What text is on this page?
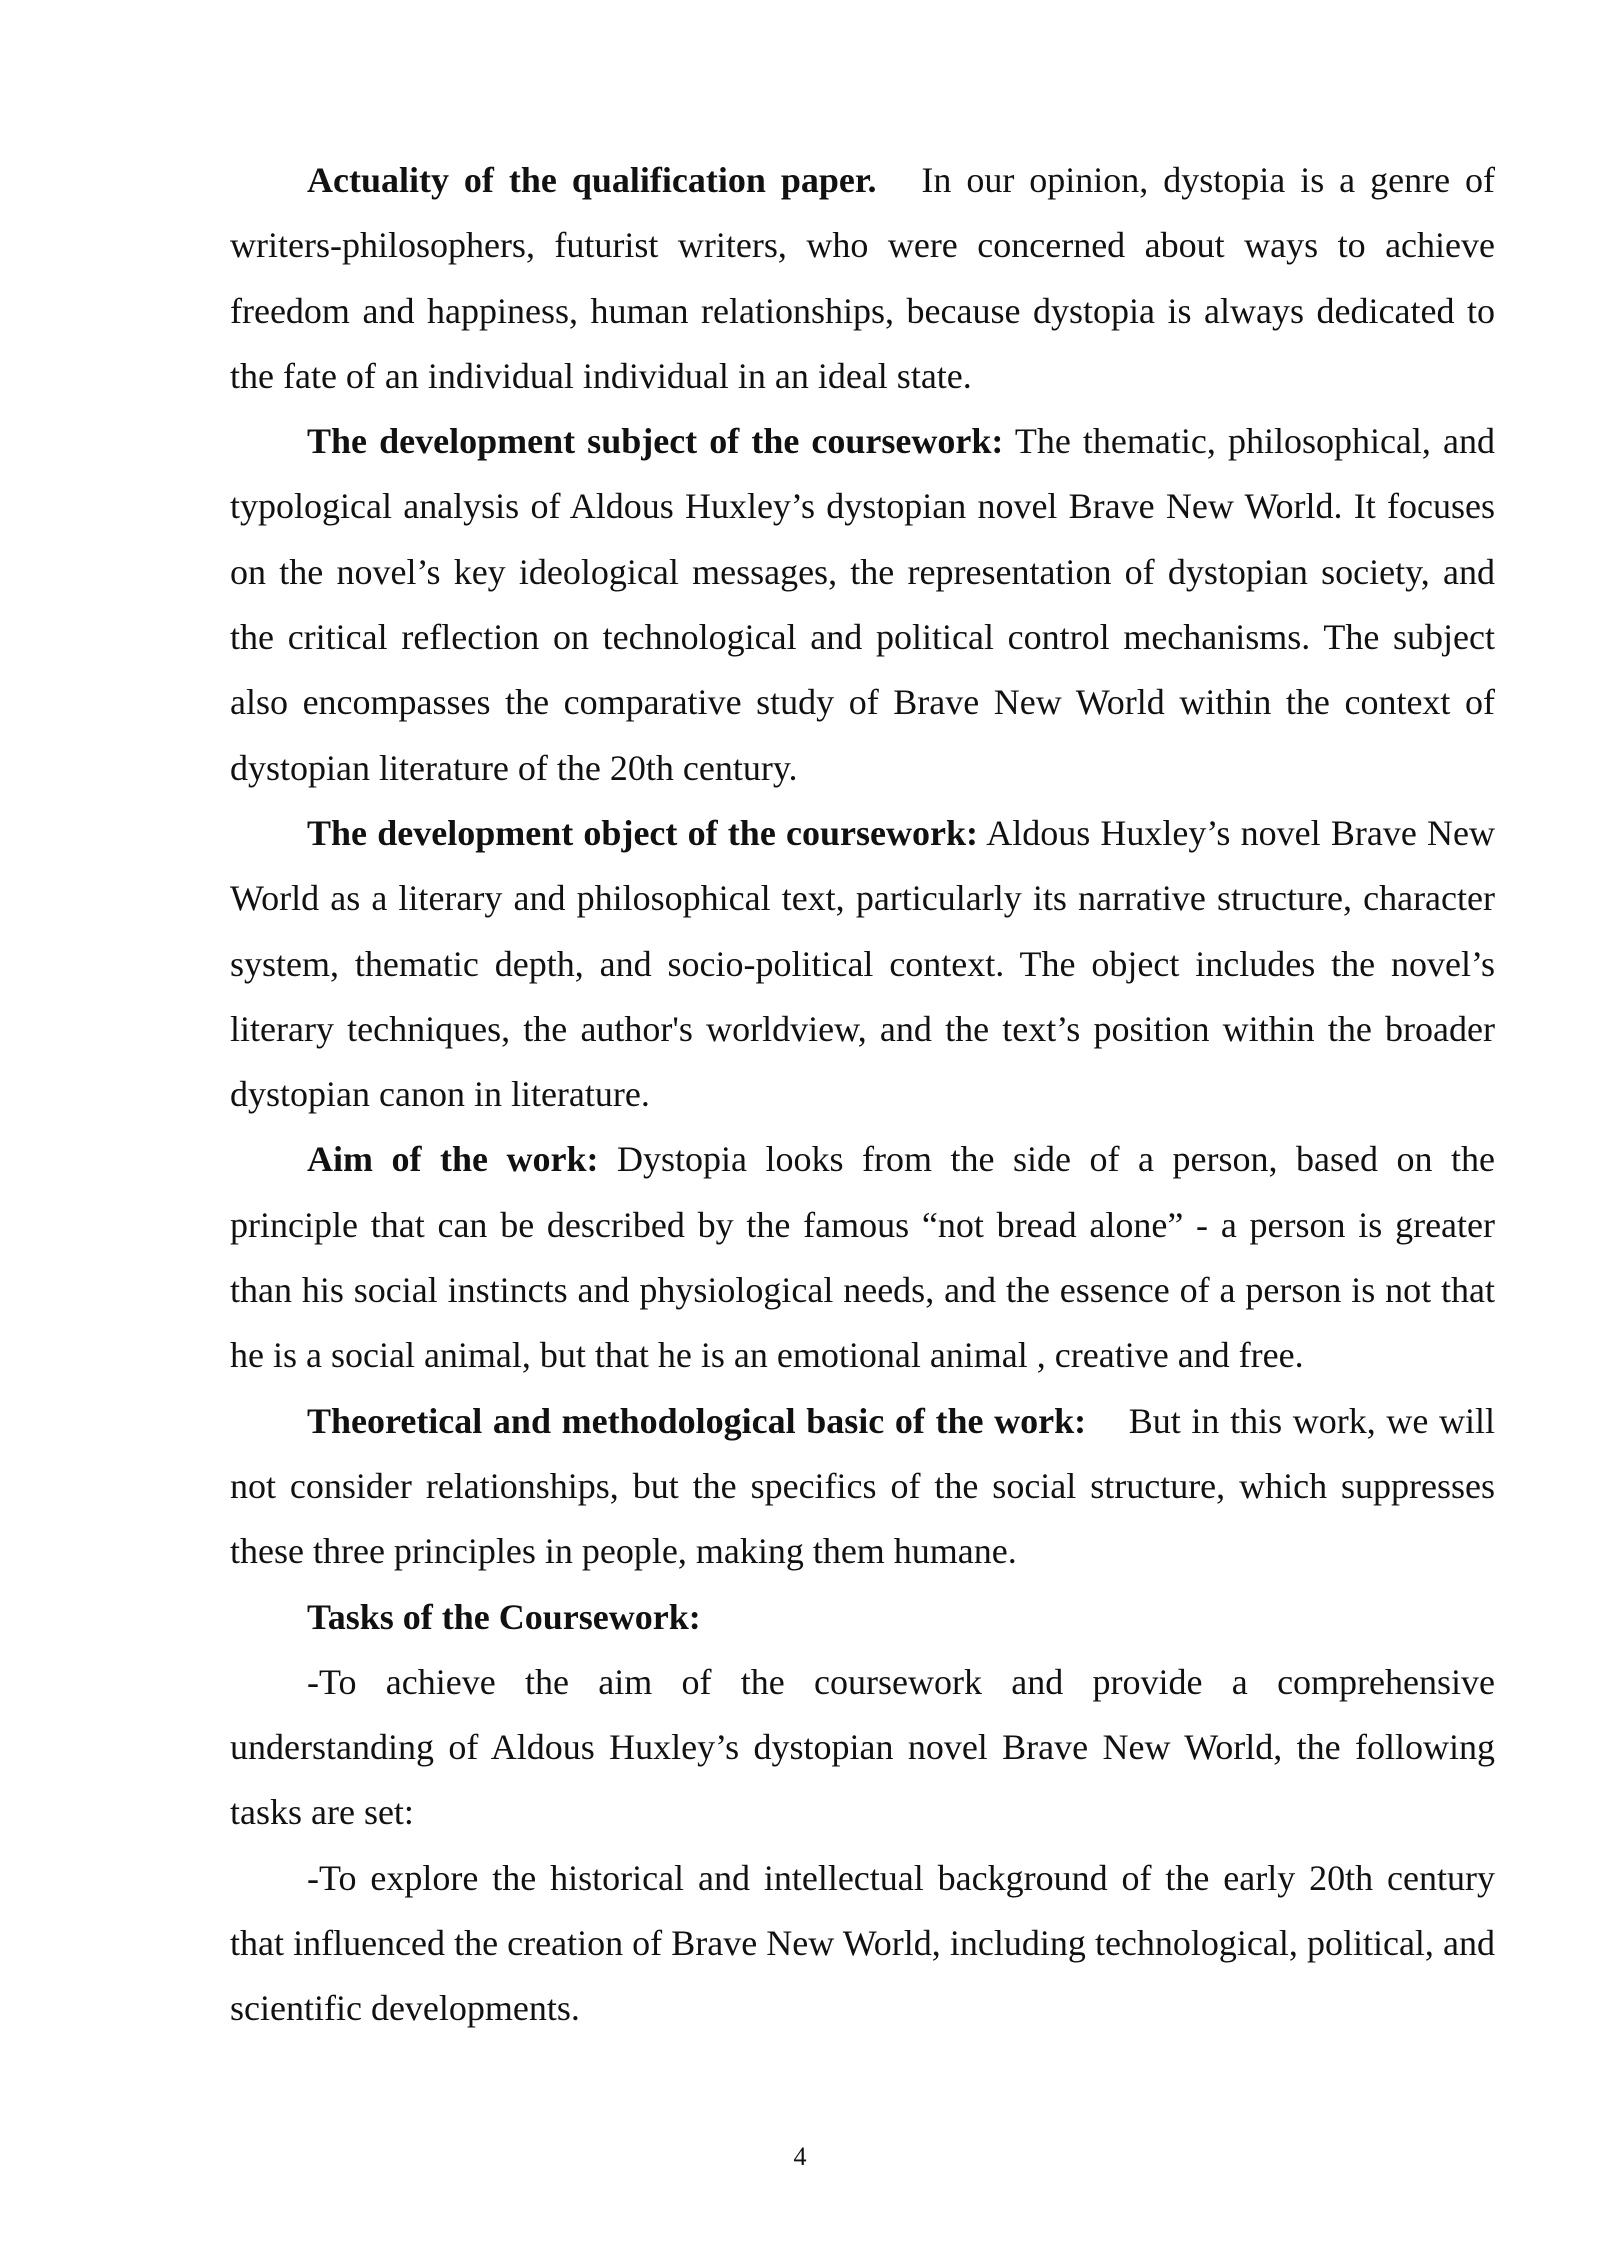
Actuality of the qualification paper. In our opinion, dystopia is a genre of writers-philosophers, futurist writers, who were concerned about ways to achieve freedom and happiness, human relationships, because dystopia is always dedicated to the fate of an individual individual in an ideal state.

The development subject of the coursework: The thematic, philosophical, and typological analysis of Aldous Huxley’s dystopian novel Brave New World. It focuses on the novel’s key ideological messages, the representation of dystopian society, and the critical reflection on technological and political control mechanisms. The subject also encompasses the comparative study of Brave New World within the context of dystopian literature of the 20th century.

The development object of the coursework: Aldous Huxley’s novel Brave New World as a literary and philosophical text, particularly its narrative structure, character system, thematic depth, and socio-political context. The object includes the novel’s literary techniques, the author's worldview, and the text’s position within the broader dystopian canon in literature.

Aim of the work: Dystopia looks from the side of a person, based on the principle that can be described by the famous “not bread alone” - a person is greater than his social instincts and physiological needs, and the essence of a person is not that he is a social animal, but that he is an emotional animal , creative and free.

Theoretical and methodological basic of the work: But in this work, we will not consider relationships, but the specifics of the social structure, which suppresses these three principles in people, making them humane.

Tasks of the Coursework:

-To achieve the aim of the coursework and provide a comprehensive understanding of Aldous Huxley’s dystopian novel Brave New World, the following tasks are set:

-To explore the historical and intellectual background of the early 20th century that influenced the creation of Brave New World, including technological, political, and scientific developments.

4
